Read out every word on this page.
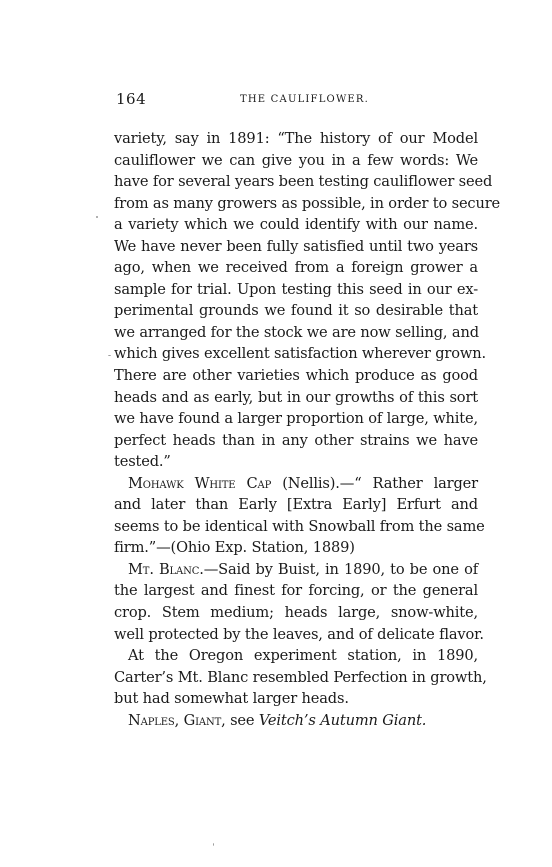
164	THE CAULIFLOWER.
variety, say in 1891: “The history of our Model
cauliflower we can give you in a few words: We
have for several years been testing cauliflower seed
from as many growers as possible, in order to secure
a variety which we could identify with our name.
We have never been fully satisfied until two years
ago, when we received from a foreign grower a
sample for trial. Upon testing this seed in our ex-
perimental grounds we found it so desirable that
we arranged for the stock we are now selling, and
which gives excellent satisfaction wherever grown.
There are other varieties which produce as good
heads and as early, but in our growths of this sort
we have found a larger proportion of large, white,
perfect heads than in any other strains we have
tested.”
Mohawk White Cap (Nellis).—“ Rather larger
and later than Early [Extra Early] Erfurt and
seems to be identical with Snowball from the same
firm.”—(Ohio Exp. Station, 1889)
Mt. Blanc.—Said by Buist, in 1890, to be one of
the largest and finest for forcing, or the general
crop. Stem medium; heads large, snow-white,
well protected by the leaves, and of delicate flavor.
At the Oregon experiment station, in 1890,
Carter’s Mt. Blanc resembled Perfection in growth,
but had somewhat larger heads.
Naples, Giant, see Veitch’s Autumn Giant.
